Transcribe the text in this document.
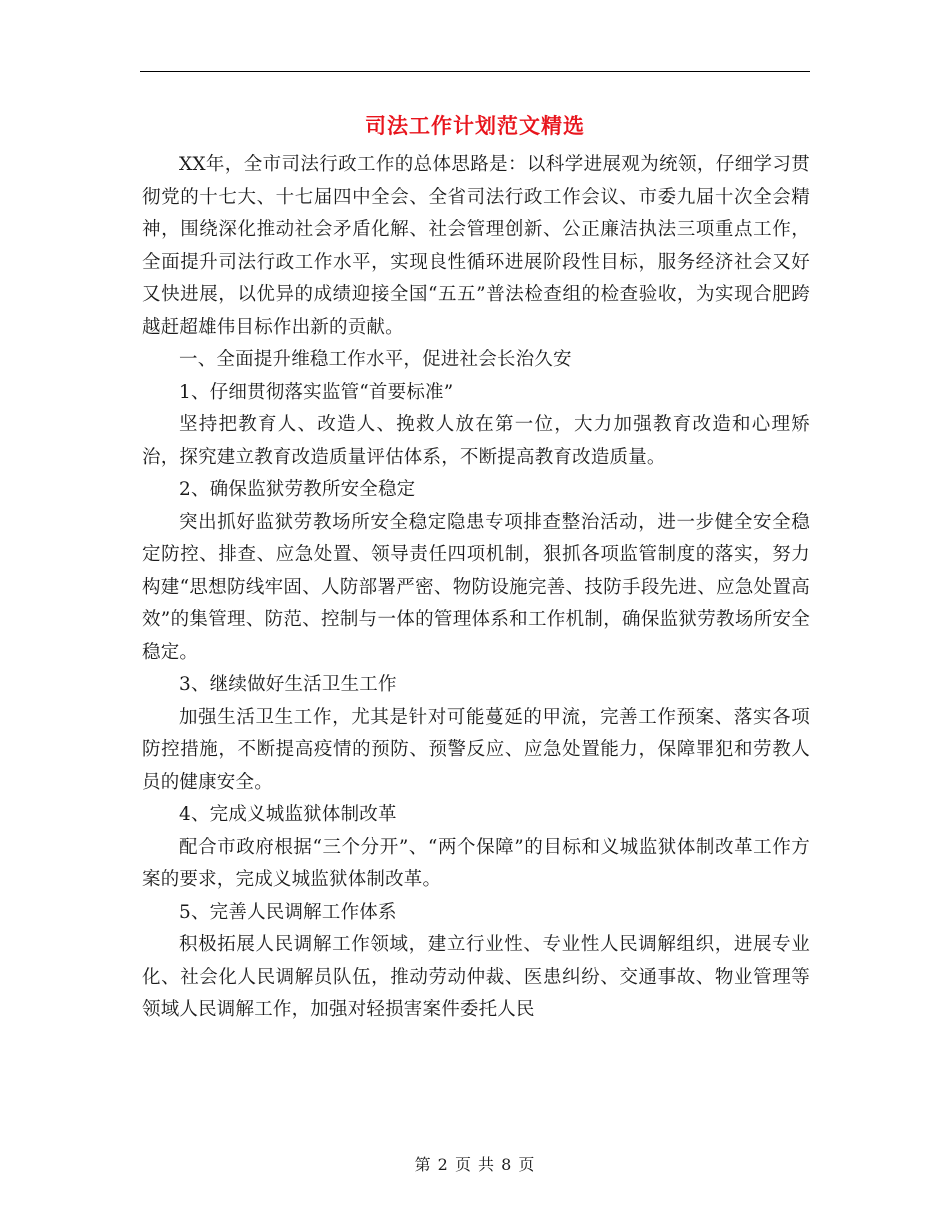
司法工作计划范文精选

XX年，全市司法行政工作的总体思路是：以科学进展观为统领，仔细学习贯彻党的十七大、十七届四中全会、全省司法行政工作会议、市委九届十次全会精神，围绕深化推动社会矛盾化解、社会管理创新、公正廉洁执法三项重点工作，全面提升司法行政工作水平，实现良性循环进展阶段性目标，服务经济社会又好又快进展，以优异的成绩迎接全国“五五”普法检查组的检查验收，为实现合肥跨越赶超雄伟目标作出新的贡献。

一、全面提升维稳工作水平，促进社会长治久安

1、仔细贯彻落实监管“首要标准”

坚持把教育人、改造人、挽救人放在第一位，大力加强教育改造和心理矫治，探究建立教育改造质量评估体系，不断提高教育改造质量。

2、确保监狱劳教所安全稳定

突出抓好监狱劳教场所安全稳定隐患专项排查整治活动，进一步健全安全稳定防控、排查、应急处置、领导责任四项机制，狠抓各项监管制度的落实，努力构建“思想防线牢固、人防部署严密、物防设施完善、技防手段先进、应急处置高效”的集管理、防范、控制与一体的管理体系和工作机制，确保监狱劳教场所安全稳定。

3、继续做好生活卫生工作

加强生活卫生工作，尤其是针对可能蔓延的甲流，完善工作预案、落实各项防控措施，不断提高疫情的预防、预警反应、应急处置能力，保障罪犯和劳教人员的健康安全。

4、完成义城监狱体制改革

配合市政府根据“三个分开”、“两个保障”的目标和义城监狱体制改革工作方案的要求，完成义城监狱体制改革。

5、完善人民调解工作体系

积极拓展人民调解工作领域，建立行业性、专业性人民调解组织，进展专业化、社会化人民调解员队伍，推动劳动仲裁、医患纠纷、交通事故、物业管理等领域人民调解工作，加强对轻损害案件委托人民

第 2 页 共 8 页
